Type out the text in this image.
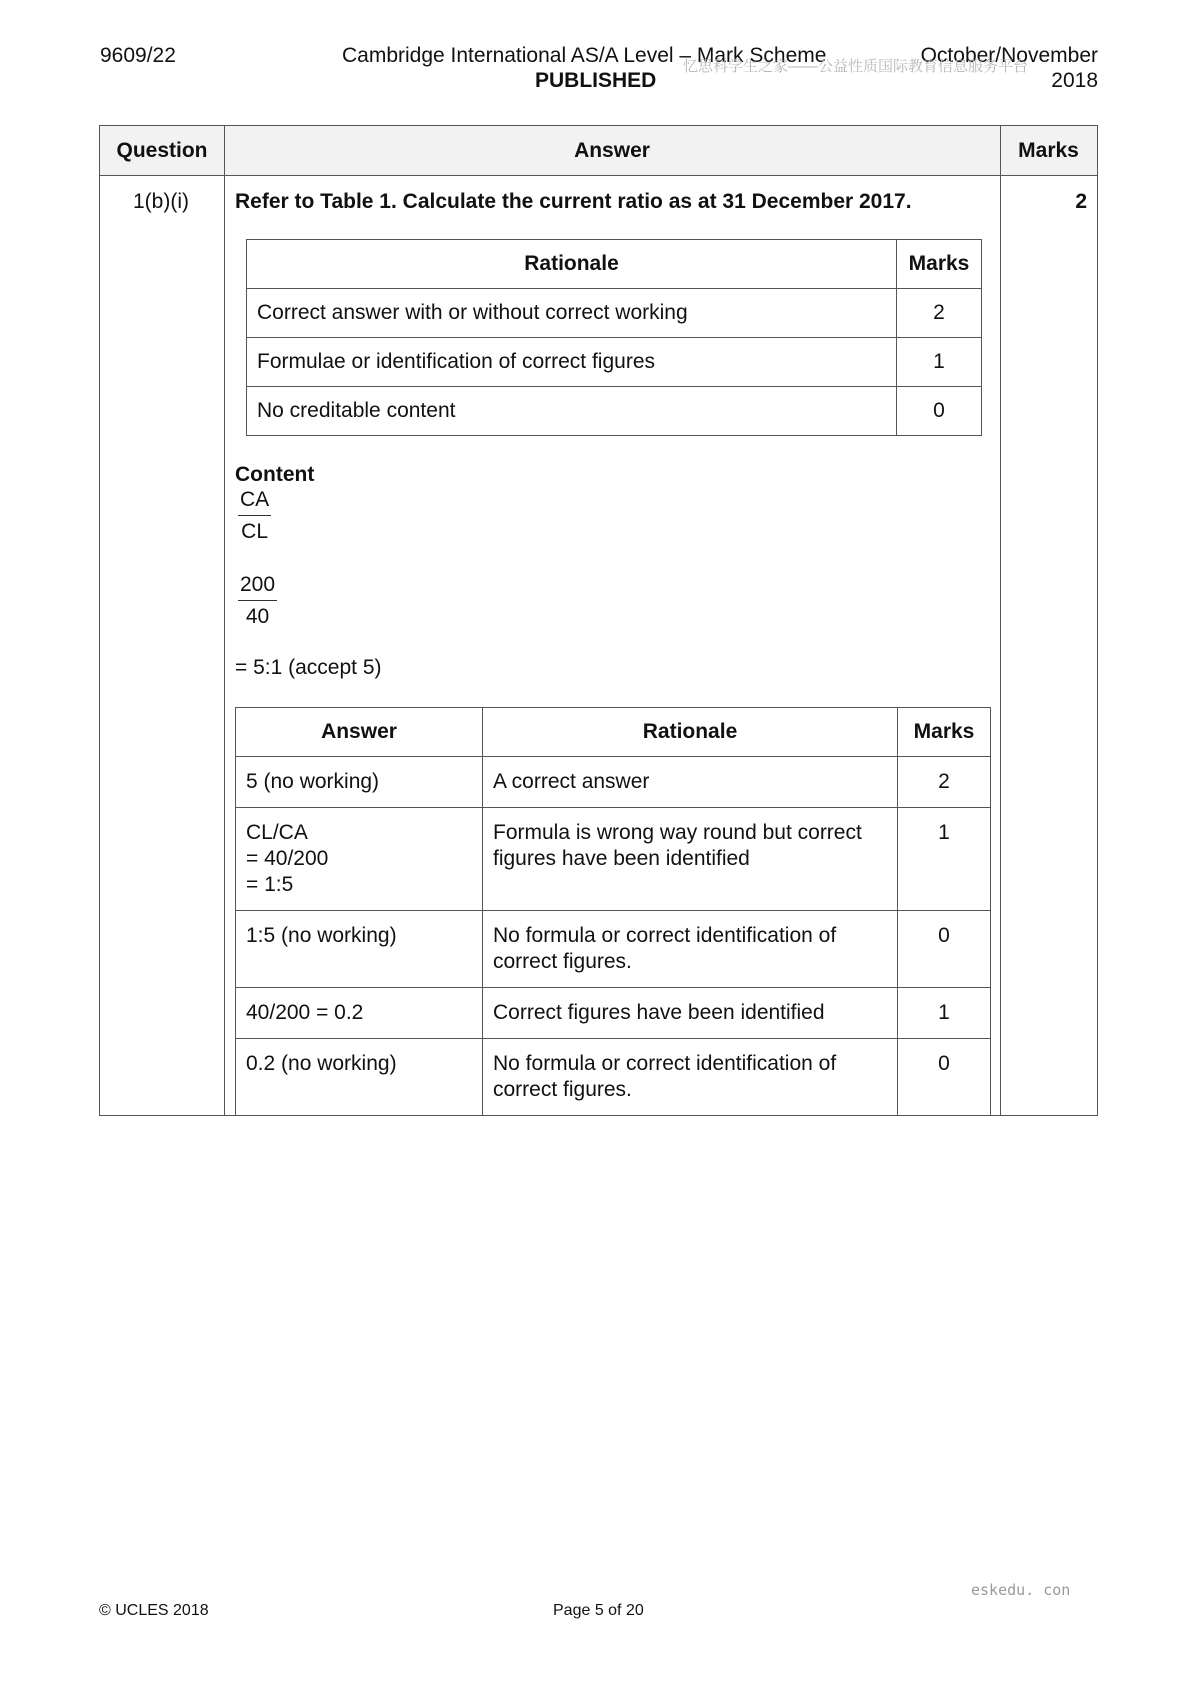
9609/22	Cambridge International AS/A Level – Mark Scheme
PUBLISHED
October/November
2018
忆思科学生之家——公益性质国际教育信息服务平台
Question	Answer	Marks
1(b)(i) Refer to Table 1. Calculate the current ratio as at 31 December 2017.	2
Rationale	Marks
Correct answer with or without correct working	2
Formulae or identification of correct figures	1
No creditable content	0
Content
$\frac{CA}{CL}$
$\frac{200}{40}$
= 5:1 (accept 5)
Answer	Rationale	Marks

5 (no working)	A correct answer	2

CL/CA
= 40/200
= 1:5	Formula is wrong way round but correct figures have been identified	1

1:5 (no working)	No formula or correct identification of correct figures.	0

40/200 = 0.2	Correct figures have been identified	1

0.2 (no working)	No formula or correct identification of correct figures.	0
eskedu. con
© UCLES 2018	Page 5 of 20
